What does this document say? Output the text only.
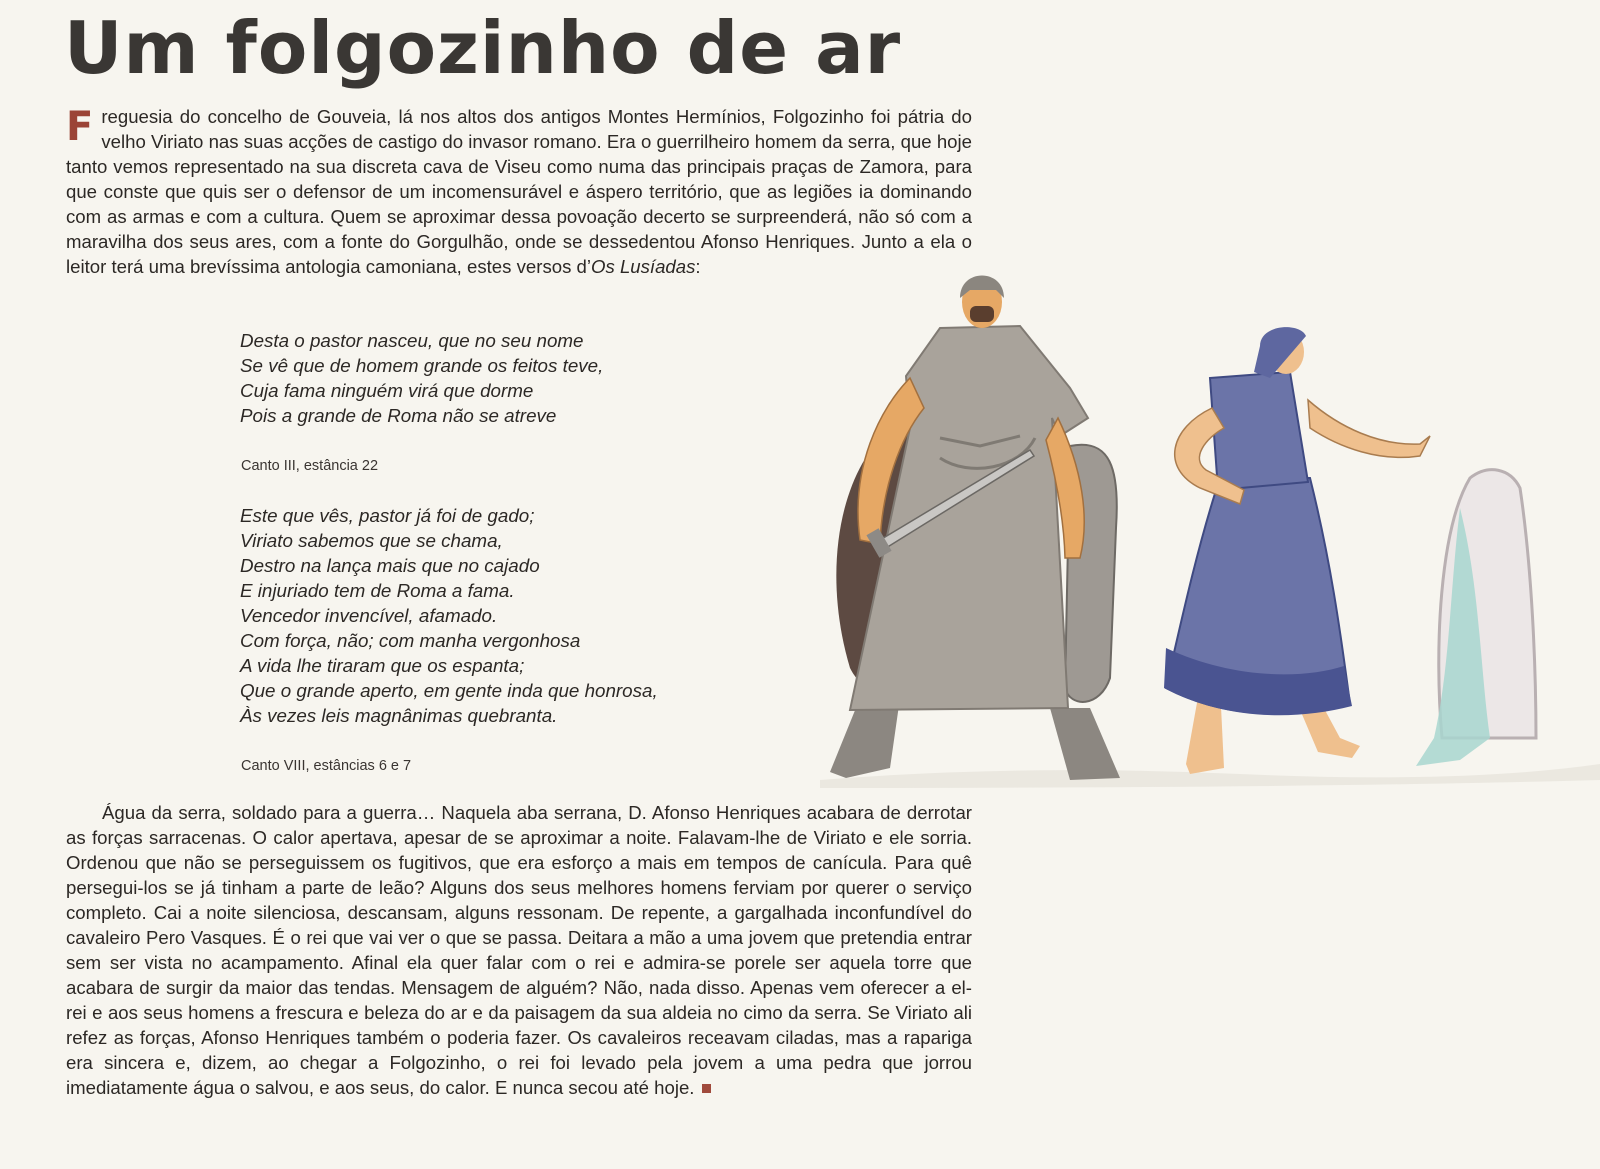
Um folgozinho de ar

Freguesia do concelho de Gouveia, lá nos altos dos antigos Montes Hermínios, Folgozinho foi pátria do velho Viriato nas suas acções de castigo do invasor romano. Era o guerrilheiro homem da serra, que hoje tanto vemos representado na sua discreta cava de Viseu como numa das principais praças de Zamora, para que conste que quis ser o defensor de um incomensurável e áspero território, que as legiões ia dominando com as armas e com a cultura. Quem se aproximar dessa povoação decerto se surpreenderá, não só com a maravilha dos seus ares, com a fonte do Gorgulhão, onde se dessedentou Afonso Henriques. Junto a ela o leitor terá uma brevíssima antologia camoniana, estes versos d’Os Lusíadas:

Desta o pastor nasceu, que no seu nome
Se vê que de homem grande os feitos teve,
Cuja fama ninguém virá que dorme
Pois a grande de Roma não se atreve

Canto III, estância 22

Este que vês, pastor já foi de gado;
Viriato sabemos que se chama,
Destro na lança mais que no cajado
E injuriado tem de Roma a fama.
Vencedor invencível, afamado.
Com força, não; com manha vergonhosa
A vida lhe tiraram que os espanta;
Que o grande aperto, em gente inda que honrosa,
Às vezes leis magnânimas quebranta.

Canto VIII, estâncias 6 e 7

Água da serra, soldado para a guerra… Naquela aba serrana, D. Afonso Henriques acabara de derrotar as forças sarracenas. O calor apertava, apesar de se aproximar a noite. Falavam-lhe de Viriato e ele sorria. Ordenou que não se perseguissem os fugitivos, que era esforço a mais em tempos de canícula. Para quê persegui-los se já tinham a parte de leão? Alguns dos seus melhores homens ferviam por querer o serviço completo. Cai a noite silenciosa, descansam, alguns ressonam. De repente, a gargalhada inconfundível do cavaleiro Pero Vasques. É o rei que vai ver o que se passa. Deitara a mão a uma jovem que pretendia entrar sem ser vista no acampamento. Afinal ela quer falar com o rei e admira-se porele ser aquela torre que acabara de surgir da maior das tendas. Mensagem de alguém? Não, nada disso. Apenas vem oferecer a el-rei e aos seus homens a frescura e beleza do ar e da paisagem da sua aldeia no cimo da serra. Se Viriato ali refez as forças, Afonso Henriques também o poderia fazer. Os cavaleiros receavam ciladas, mas a rapariga era sincera e, dizem, ao chegar a Folgozinho, o rei foi levado pela jovem a uma pedra que jorrou imediatamente água o salvou, e aos seus, do calor. E nunca secou até hoje.
